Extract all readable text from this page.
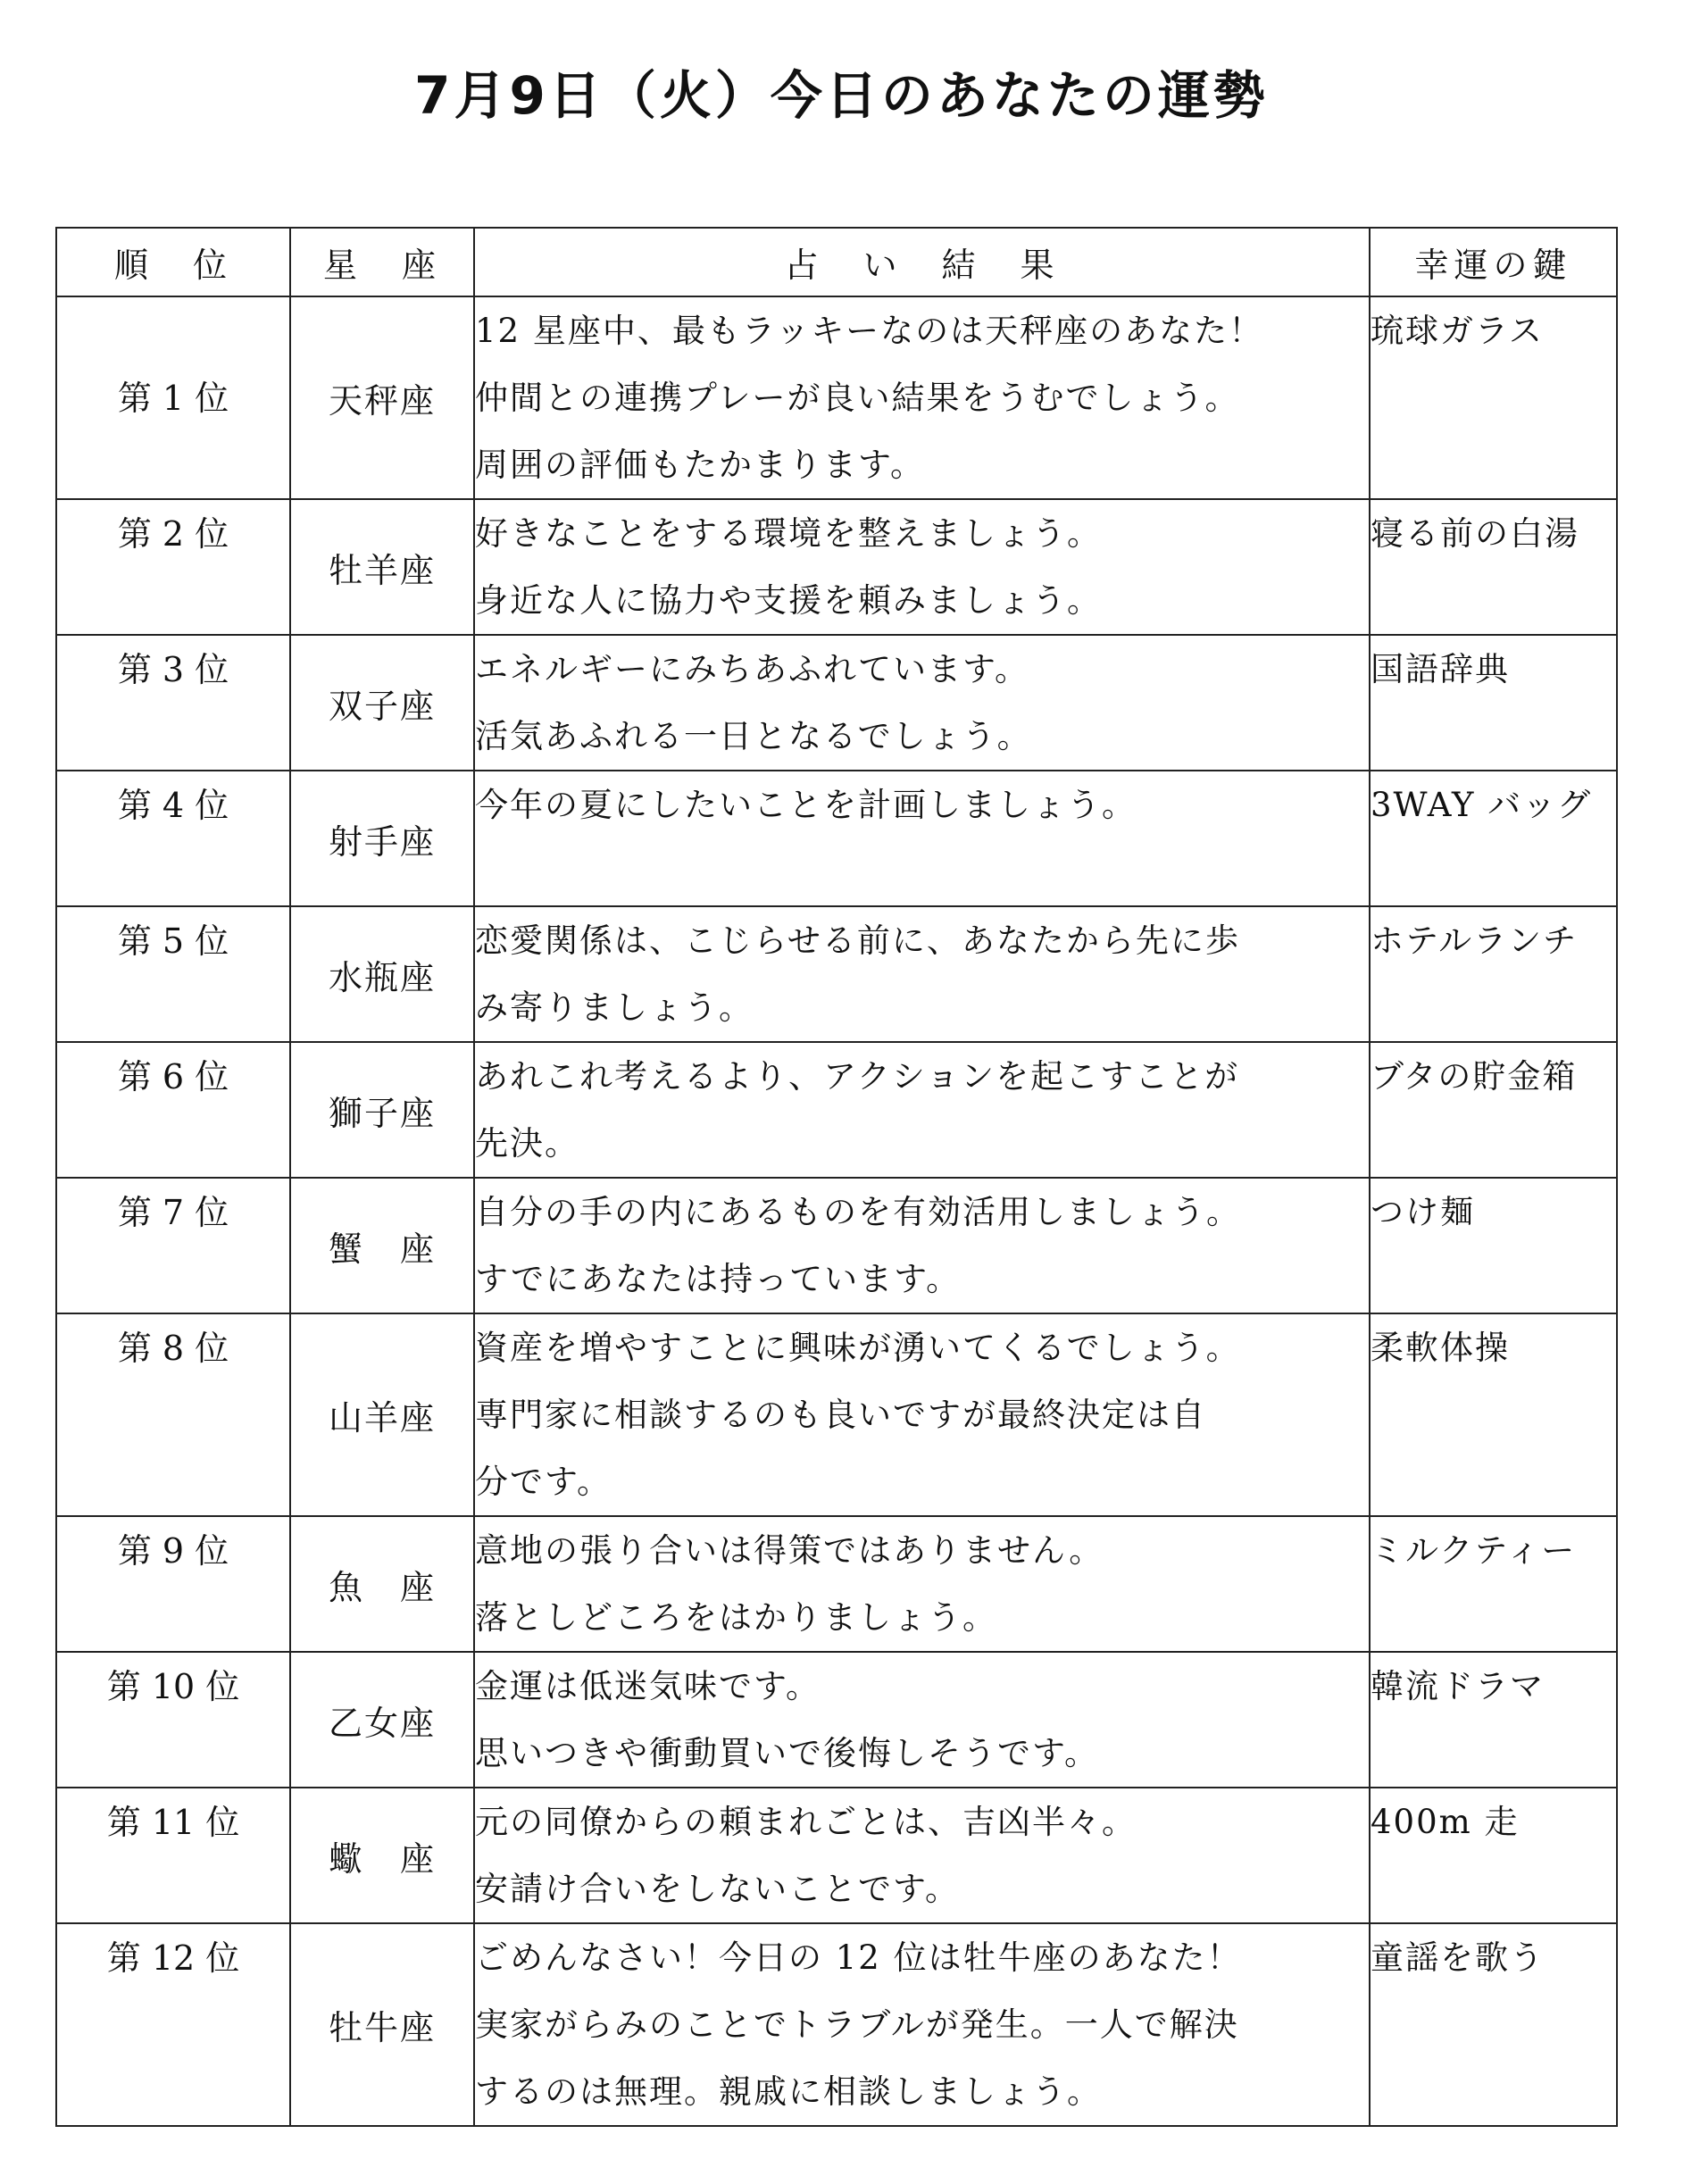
7月9日（火）今日のあなたの運勢
順　位	星　座	占　い　結　果	幸運の鍵
第 1 位	天秤座	12 星座中、最もラッキーなのは天秤座のあなた！
仲間との連携プレーが良い結果をうむでしょう。
周囲の評価もたかまります。	琉球ガラス

第 2 位	牡羊座	好きなことをする環境を整えましょう。
身近な人に協力や支援を頼みましょう。	寝る前の白湯

第 3 位	双子座	エネルギーにみちあふれています。
活気あふれる一日となるでしょう。	国語辞典

第 4 位	射手座	今年の夏にしたいことを計画しましょう。	3WAY バッグ

第 5 位	水瓶座	恋愛関係は、こじらせる前に、あなたから先に歩
み寄りましょう。	ホテルランチ

第 6 位	獅子座	あれこれ考えるより、アクションを起こすことが
先決。	ブタの貯金箱

第 7 位	蟹　座	自分の手の内にあるものを有効活用しましょう。
すでにあなたは持っています。	つけ麺

第 8 位	山羊座	資産を増やすことに興味が湧いてくるでしょう。
専門家に相談するのも良いですが最終決定は自
分です。	柔軟体操

第 9 位	魚　座	意地の張り合いは得策ではありません。
落としどころをはかりましょう。	ミルクティー

第 10 位	乙女座	金運は低迷気味です。
思いつきや衝動買いで後悔しそうです。	韓流ドラマ

第 11 位	蠍　座	元の同僚からの頼まれごとは、吉凶半々。
安請け合いをしないことです。	400m 走

第 12 位	牡牛座	ごめんなさい！今日の 12 位は牡牛座のあなた！
実家がらみのことでトラブルが発生。一人で解決
するのは無理。親戚に相談しましょう。	童謡を歌う
